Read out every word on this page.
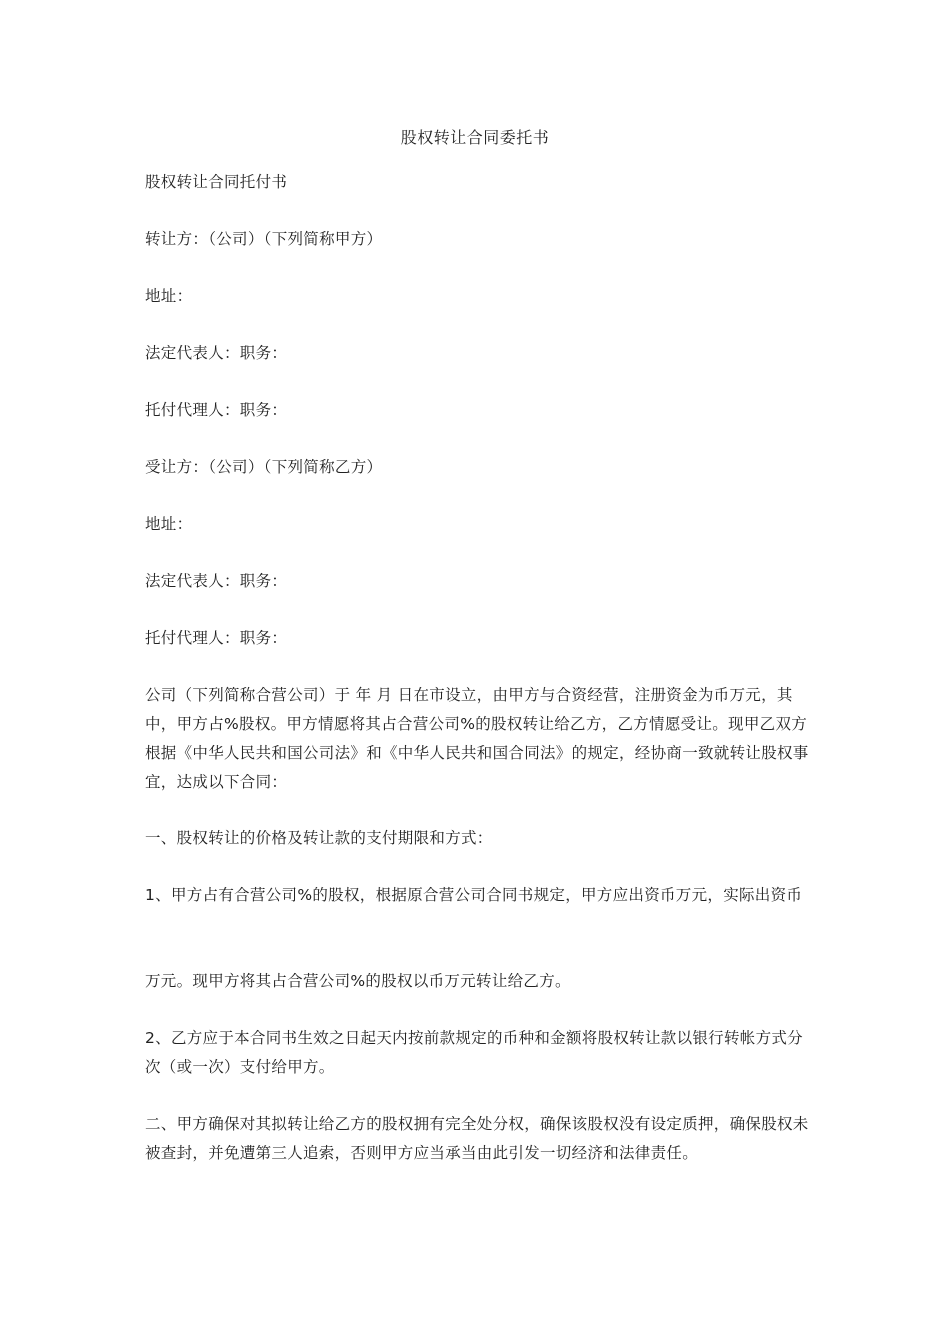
股权转让合同委托书

股权转让合同托付书

转让方：（公司）（下列简称甲方）

地址：

法定代表人：职务：

托付代理人：职务：

受让方：（公司）（下列简称乙方）

地址：

法定代表人：职务：

托付代理人：职务：

公司（下列简称合营公司）于 年 月 日在市设立，由甲方与合资经营，注册资金为币万元，其中，甲方占%股权。甲方情愿将其占合营公司%的股权转让给乙方，乙方情愿受让。现甲乙双方根据《中华人民共和国公司法》和《中华人民共和国合同法》的规定，经协商一致就转让股权事宜，达成以下合同：

一、股权转让的价格及转让款的支付期限和方式：

1、甲方占有合营公司%的股权，根据原合营公司合同书规定，甲方应出资币万元，实际出资币

万元。现甲方将其占合营公司%的股权以币万元转让给乙方。

2、乙方应于本合同书生效之日起天内按前款规定的币种和金额将股权转让款以银行转帐方式分次（或一次）支付给甲方。

二、甲方确保对其拟转让给乙方的股权拥有完全处分权，确保该股权没有设定质押，确保股权未被查封，并免遭第三人追索，否则甲方应当承当由此引发一切经济和法律责任。
